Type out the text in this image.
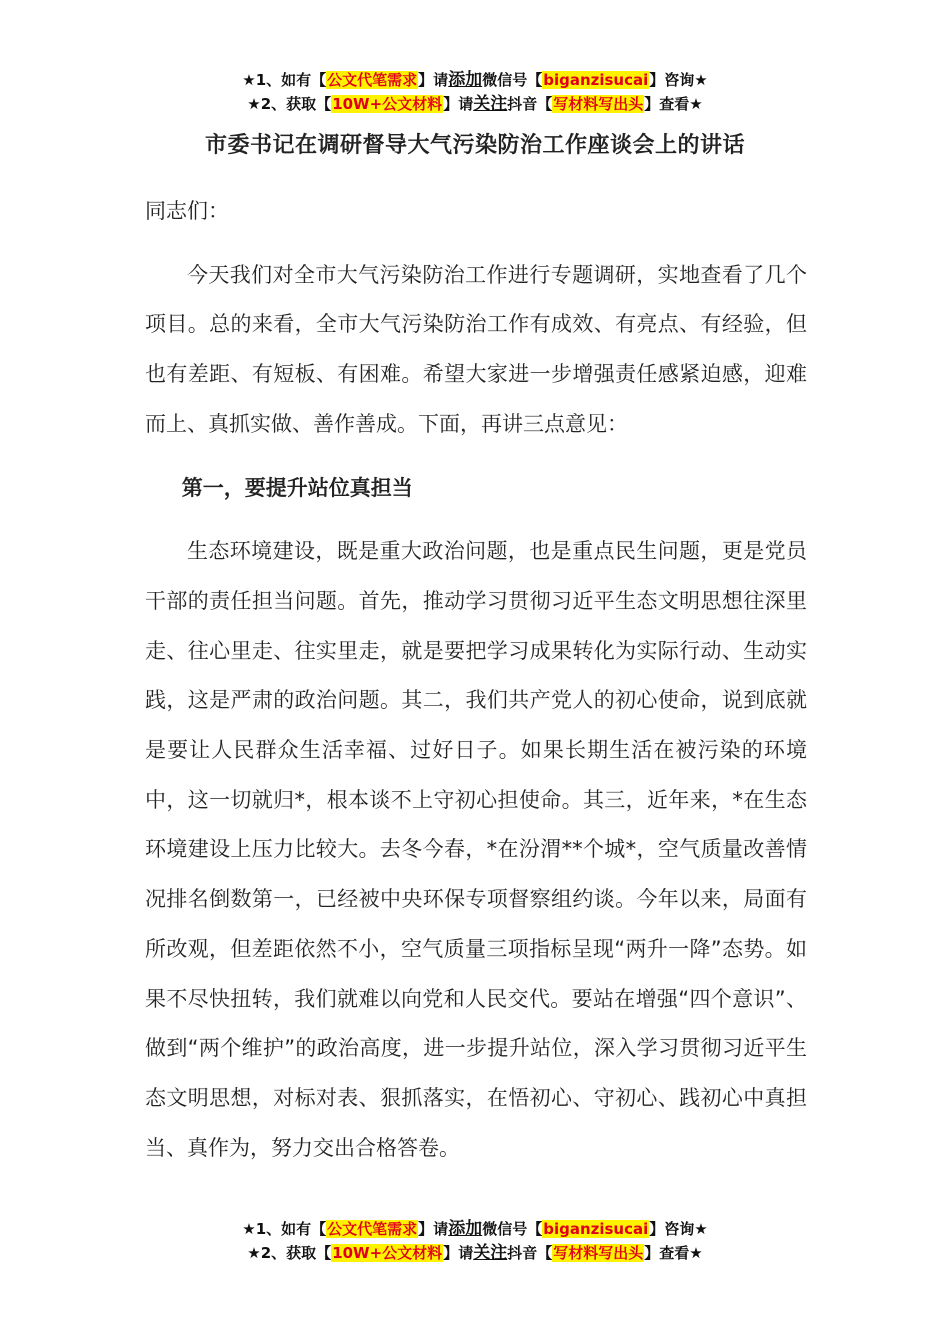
★1、如有【公文代笔需求】请添加微信号【biganzisucai】咨询★
★2、获取【10W+公文材料】请关注抖音【写材料写出头】查看★
市委书记在调研督导大气污染防治工作座谈会上的讲话

同志们：

今天我们对全市大气污染防治工作进行专题调研，实地查看了几个项目。总的来看，全市大气污染防治工作有成效、有亮点、有经验，但也有差距、有短板、有困难。希望大家进一步增强责任感紧迫感，迎难而上、真抓实做、善作善成。下面，再讲三点意见：

第一，要提升站位真担当

生态环境建设，既是重大政治问题，也是重点民生问题，更是党员干部的责任担当问题。首先，推动学习贯彻习近平生态文明思想往深里走、往心里走、往实里走，就是要把学习成果转化为实际行动、生动实践，这是严肃的政治问题。其二，我们共产党人的初心使命，说到底就是要让人民群众生活幸福、过好日子。如果长期生活在被污染的环境中，这一切就归*，根本谈不上守初心担使命。其三，近年来，*在生态环境建设上压力比较大。去冬今春，*在汾渭**个城*，空气质量改善情况排名倒数第一，已经被中央环保专项督察组约谈。今年以来，局面有所改观，但差距依然不小，空气质量三项指标呈现“两升一降”态势。如果不尽快扭转，我们就难以向党和人民交代。要站在增强“四个意识”、做到“两个维护”的政治高度，进一步提升站位，深入学习贯彻习近平生态文明思想，对标对表、狠抓落实，在悟初心、守初心、践初心中真担当、真作为，努力交出合格答卷。

★1、如有【公文代笔需求】请添加微信号【biganzisucai】咨询★
★2、获取【10W+公文材料】请关注抖音【写材料写出头】查看★
